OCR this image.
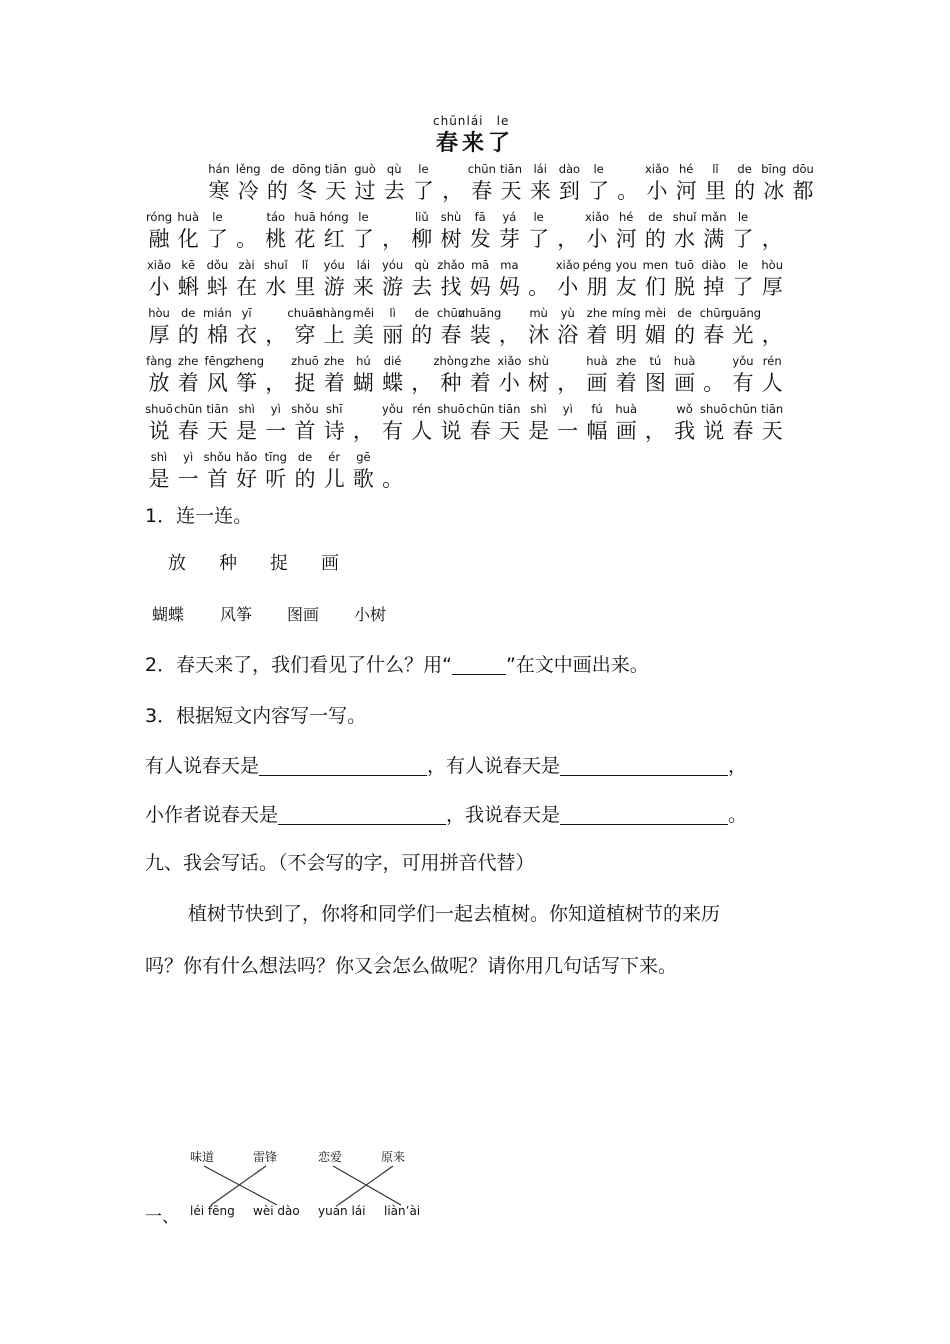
chūnlái le
春来了
hán
寒
lěng
冷
de
的
dōng
冬
tiān
天
guò
过
qù
去
le
了 ，
chūn
春
tiān
天
lái
来
dào
到
le
了 。
xiǎo
小
hé
河
lǐ
里
de
的
bīng
冰
dōu
都
róng
融
huà
化
le
了 。
táo
桃
huā
花
hóng
红
le
了 ，
liǔ
柳
shù
树
fā
发
yá
芽
le
了 ，
xiǎo
小
hé
河
de
的
shuǐ
水
mǎn
满
le
了 ，
xiǎo
小
kē
蝌
dǒu
蚪
zài
在
shuǐ
水
lǐ
里
yóu
游
lái
来
yóu
游
qù
去
zhǎo
找
mā
妈
ma
妈 。
xiǎo
小
péng
朋
you
友
men
们
tuō
脱
diào
掉
le
了
hòu
厚
hòu
厚
de
的
mián
棉
yī
衣 ，
chuān
穿
shàng
上
měi
美
lì
丽
de
的
chūn
春
zhuāng
装 ，
mù
沐
yù
浴
zhe
着
míng
明
mèi
媚
de
的
chūn
春
guāng
光 ，
fàng
放
zhe
着
fēng
风
zheng
筝 ，
zhuō
捉
zhe
着
hú
蝴
dié
蝶 ，
zhòng
种
zhe
着
xiǎo
小
shù
树 ，
huà
画
zhe
着
tú
图
huà
画 。
yǒu
有
rén
人
shuō
说
chūn
春
tiān
天
shì
是
yì
一
shǒu
首
shī
诗 ，
yǒu
有
rén
人
shuō
说
chūn
春
tiān
天
shì
是
yì
一
fú
幅
huà
画 ，
wǒ
我
shuō
说
chūn
春
tiān
天
shì
是
yì
一
shǒu
首
hǎo
好
tīng
听
de
的
ér
儿
gē
歌 。
1．连一连。
放 种 捉 画
蝴蝶 风筝 图画 小树
2．春天来了，我们看见了什么？用“	”在文中画出来。
3．根据短文内容写一写。
有人说春天是	，有人说春天是	，
小作者说春天是	，我说春天是	。
九、我会写话。（不会写的字，可用拼音代替）
植树节快到了，你将和同学们一起去植树。你知道植树节的来历
吗？你有什么想法吗？你又会怎么做呢？请你用几句话写下来。
味道	雷锋	恋爱	原来
一、 léi fēng wèi dào yuán lái liàn’ài
